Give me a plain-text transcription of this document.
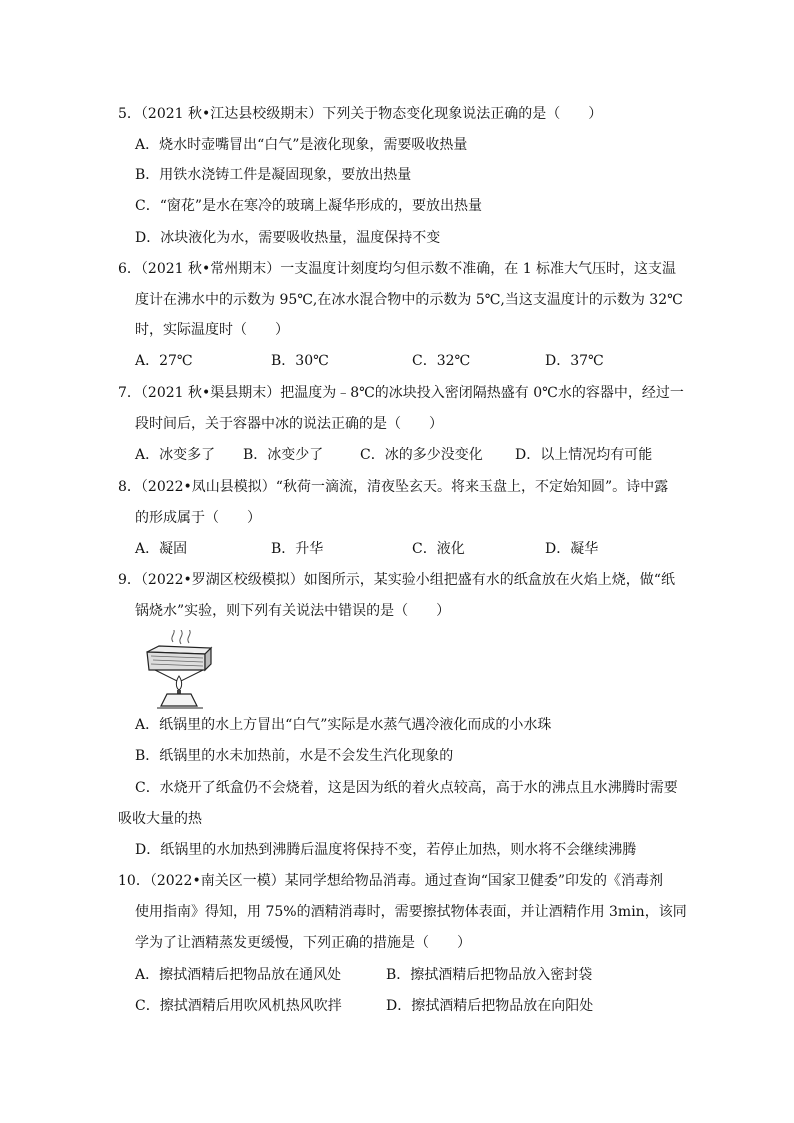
5．（2021 秋•江达县校级期末）下列关于物态变化现象说法正确的是（　　）
A．烧水时壶嘴冒出“白气”是液化现象，需要吸收热量
B．用铁水浇铸工件是凝固现象，要放出热量
C．“窗花”是水在寒冷的玻璃上凝华形成的，要放出热量
D．冰块液化为水，需要吸收热量，温度保持不变
6．（2021 秋•常州期末）一支温度计刻度均匀但示数不准确，在 1 标准大气压时，这支温
度计在沸水中的示数为 95℃,在冰水混合物中的示数为 5℃,当这支温度计的示数为 32℃
时，实际温度时（　　）
A．27℃	B．30℃	C．32℃	D．37℃
7．（2021 秋•渠县期末）把温度为﹣8℃的冰块投入密闭隔热盛有 0℃水的容器中，经过一
段时间后，关于容器中冰的说法正确的是（　　）
A．冰变多了 B．冰变少了	C．冰的多少没变化 D．以上情况均有可能
8．（2022•凤山县模拟）“秋荷一滴流，清夜坠玄天。将来玉盘上，不定始知圆”。诗中露
的形成属于（　　）
A．凝固	B．升华	C．液化	D．凝华
9．（2022•罗湖区校级模拟）如图所示，某实验小组把盛有水的纸盒放在火焰上烧，做“纸
锅烧水”实验，则下列有关说法中错误的是（　　）
A．纸锅里的水上方冒出“白气”实际是水蒸气遇冷液化而成的小水珠
B．纸锅里的水未加热前，水是不会发生汽化现象的
C．水烧开了纸盒仍不会烧着，这是因为纸的着火点较高，高于水的沸点且水沸腾时需要
吸收大量的热
D．纸锅里的水加热到沸腾后温度将保持不变，若停止加热，则水将不会继续沸腾
10．（2022•南关区一模）某同学想给物品消毒。通过查询“国家卫健委”印发的《消毒剂
使用指南》得知，用 75%的酒精消毒时，需要擦拭物体表面，并让酒精作用 3min，该同
学为了让酒精蒸发更缓慢，下列正确的措施是（　　）
A．擦拭酒精后把物品放在通风处	B．擦拭酒精后把物品放入密封袋
C．擦拭酒精后用吹风机热风吹拌	D．擦拭酒精后把物品放在向阳处
